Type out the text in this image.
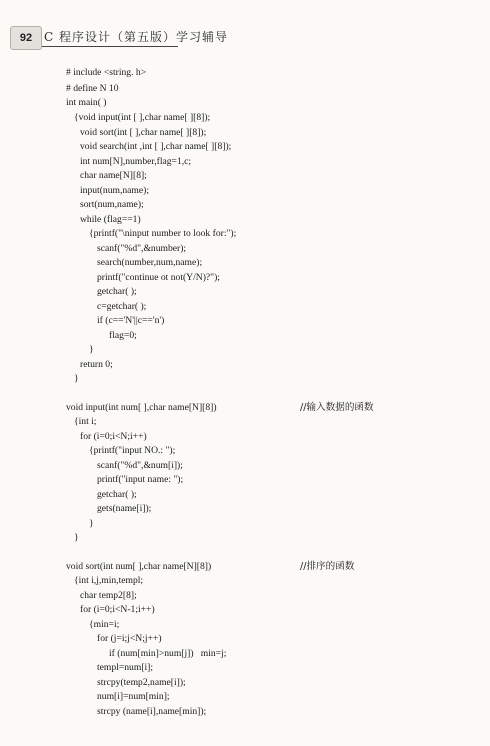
92 C 程序设计（第五版）学习辅导
# include <string. h>
# define N 10
int main( )
{void input(int [ ],char name[ ][8]);
void sort(int [ ],char name[ ][8]);
void search(int ,int [ ],char name[ ][8]);
int num[N],number,flag=1,c;
char name[N][8];
input(num,name);
sort(num,name);
while (flag==1)
{printf("\ninput number to look for:");
scanf("%d",&number);
search(number,num,name);
printf("continue ot not(Y/N)?");
getchar( );
c=getchar( );
if (c=='N'||c=='n')
flag=0;
}
return 0;
}
void input(int num[ ],char name[N][8])
{int i;
for (i=0;i<N;i++)
{printf("input NO.: ");
scanf("%d",&num[i]);
printf("input name: ");
getchar( );
gets(name[i]);
}
}
void sort(int num[ ],char name[N][8])
{int i,j,min,templ;
char temp2[8];
for (i=0;i<N-1;i++)
{min=i;
for (j=i;j<N;j++)
if (num[min]>num[j])   min=j;
templ=num[i];
strcpy(temp2,name[i]);
num[i]=num[min];
strcpy (name[i],name[min]);
//输入数据的函数
//排序的函数
